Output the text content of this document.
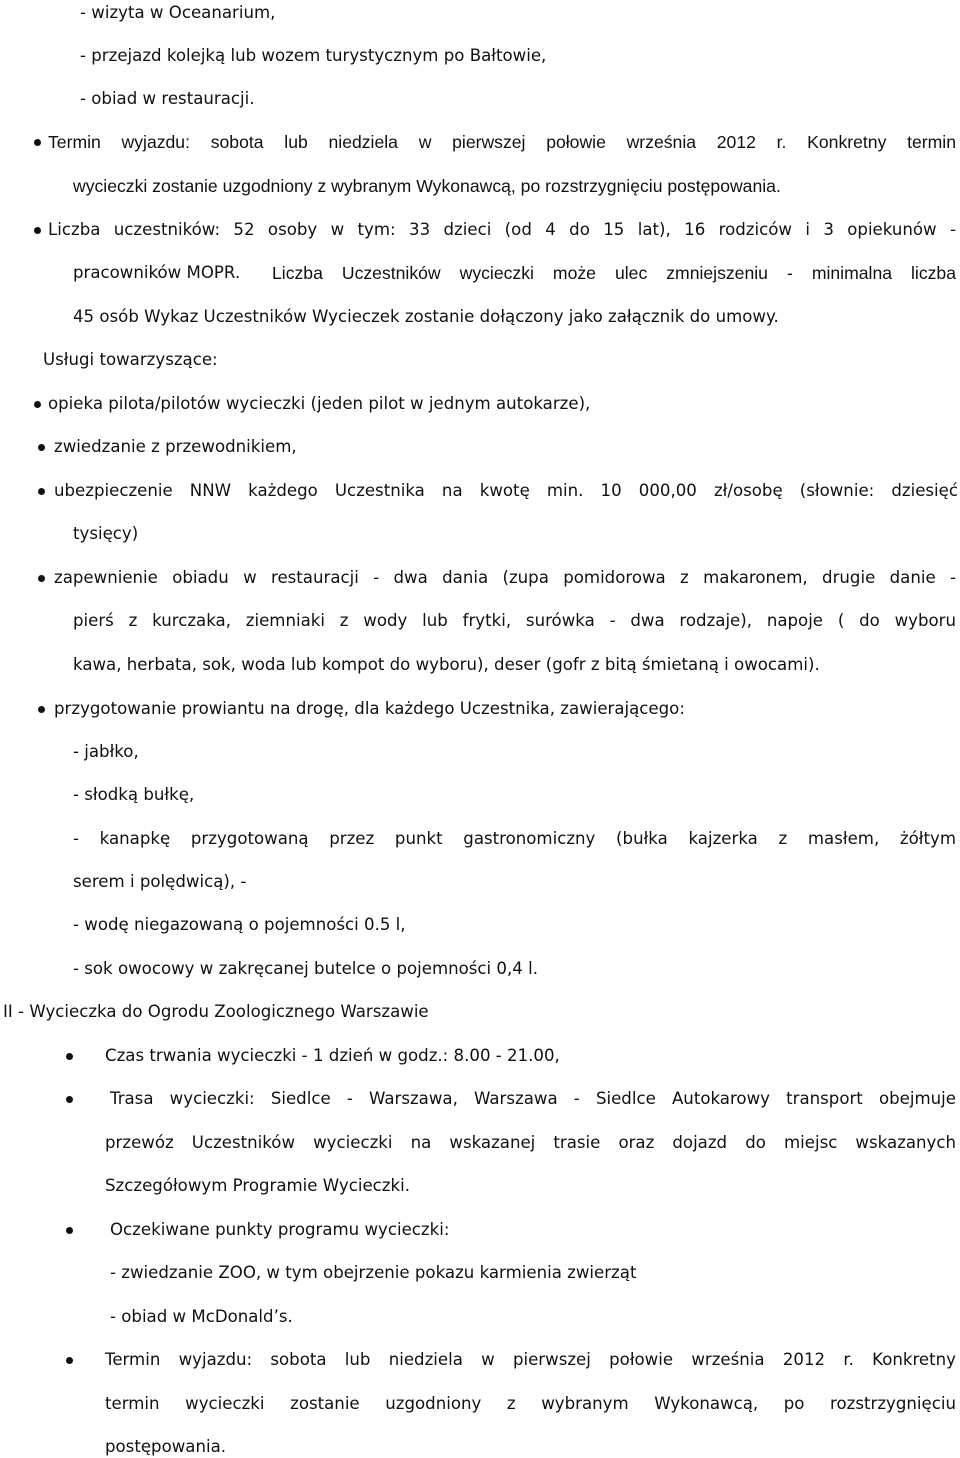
- wizyta w Oceanarium,
- przejazd kolejką lub wozem turystycznym po Bałtowie,
- obiad w restauracji.
Termin wyjazdu: sobota lub niedziela w pierwszej połowie września 2012 r. Konkretny termin
wycieczki zostanie uzgodniony z wybranym Wykonawcą, po rozstrzygnięciu postępowania.
Liczba uczestników: 52 osoby w tym: 33 dzieci (od 4 do 15 lat), 16 rodziców i 3 opiekunów -
pracowników MOPR. Liczba Uczestników wycieczki może ulec zmniejszeniu - minimalna liczba
45 osób Wykaz Uczestników Wycieczek zostanie dołączony jako załącznik do umowy.
Usługi towarzyszące:
opieka pilota/pilotów wycieczki (jeden pilot w jednym autokarze),
zwiedzanie z przewodnikiem,
ubezpieczenie NNW każdego Uczestnika na kwotę min. 10 000,00 zł/osobę (słownie: dziesięć
tysięcy)
zapewnienie obiadu w restauracji - dwa dania (zupa pomidorowa z makaronem, drugie danie -
pierś z kurczaka, ziemniaki z wody lub frytki, surówka - dwa rodzaje), napoje ( do wyboru
kawa, herbata, sok, woda lub kompot do wyboru), deser (gofr z bitą śmietaną i owocami).
przygotowanie prowiantu na drogę, dla każdego Uczestnika, zawierającego:
- jabłko,
- słodką bułkę,
- kanapkę przygotowaną przez punkt gastronomiczny (bułka kajzerka z masłem, żółtym
serem i polędwicą), -
- wodę niegazowaną o pojemności 0.5 l,
- sok owocowy w zakręcanej butelce o pojemności 0,4 l.
II - Wycieczka do Ogrodu Zoologicznego Warszawie
Czas trwania wycieczki - 1 dzień w godz.: 8.00 - 21.00,
Trasa wycieczki: Siedlce - Warszawa, Warszawa - Siedlce Autokarowy transport obejmuje
przewóz Uczestników wycieczki na wskazanej trasie oraz dojazd do miejsc wskazanych
Szczegółowym Programie Wycieczki.
Oczekiwane punkty programu wycieczki:
- zwiedzanie ZOO, w tym obejrzenie pokazu karmienia zwierząt
- obiad w McDonald’s.
Termin wyjazdu: sobota lub niedziela w pierwszej połowie września 2012 r. Konkretny
termin wycieczki zostanie uzgodniony z wybranym Wykonawcą, po rozstrzygnięciu
postępowania.
